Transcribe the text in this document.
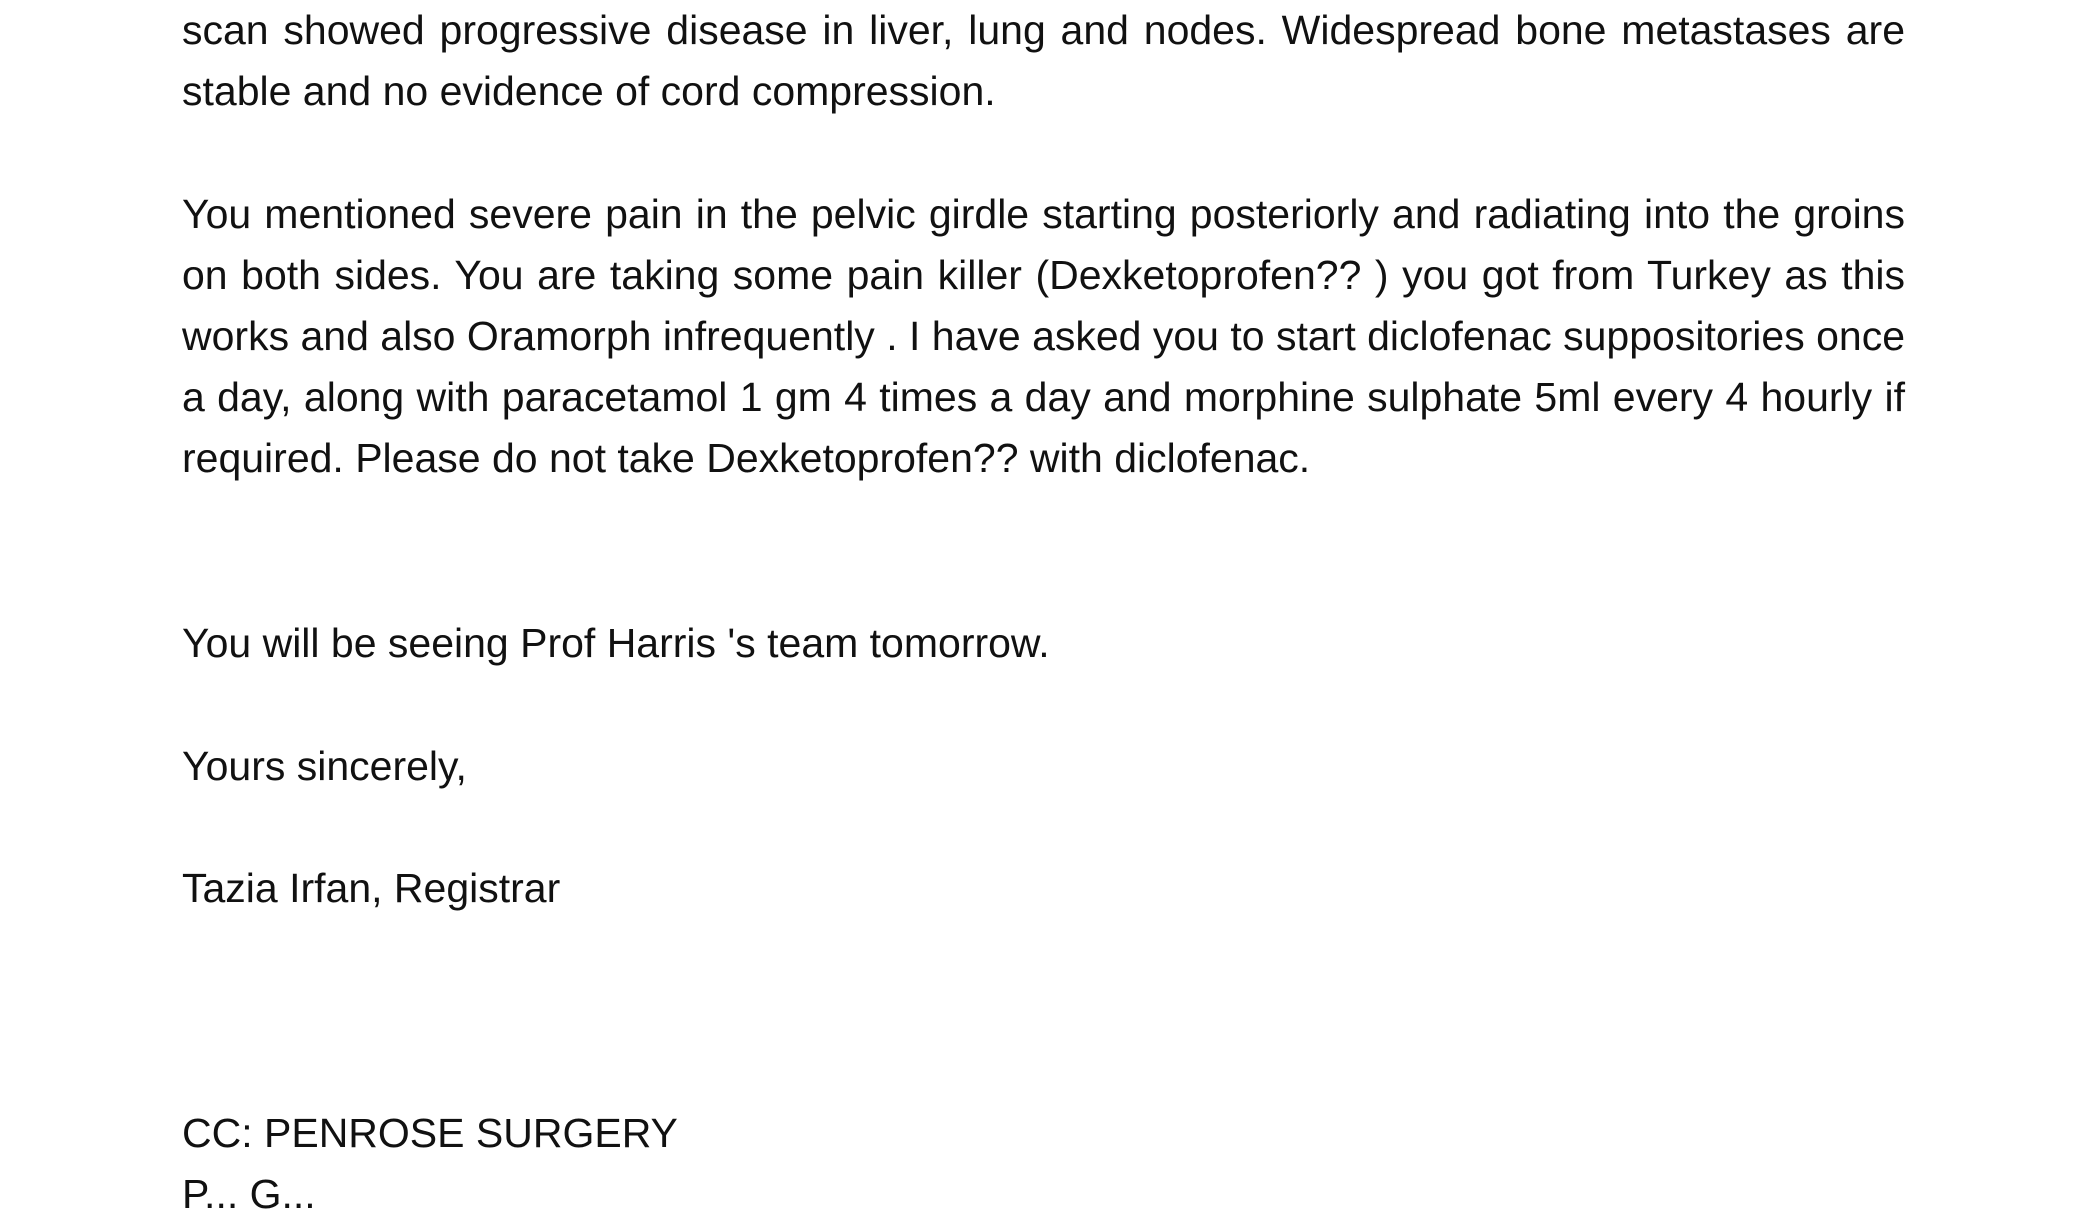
scan showed progressive disease in liver, lung and nodes. Widespread bone metastases are stable and no evidence of cord compression.
You mentioned severe pain in the pelvic girdle starting posteriorly and radiating into the groins on both sides. You are taking some pain killer (Dexketoprofen?? ) you got from Turkey as this works and also Oramorph infrequently . I have asked you to start diclofenac suppositories once a day, along with paracetamol 1 gm 4 times a day and morphine sulphate 5ml every 4 hourly if required. Please do not take Dexketoprofen?? with diclofenac.
You will be seeing Prof Harris 's team tomorrow.
Yours sincerely,
Tazia Irfan, Registrar
CC: PENROSE SURGERY
P... G...
